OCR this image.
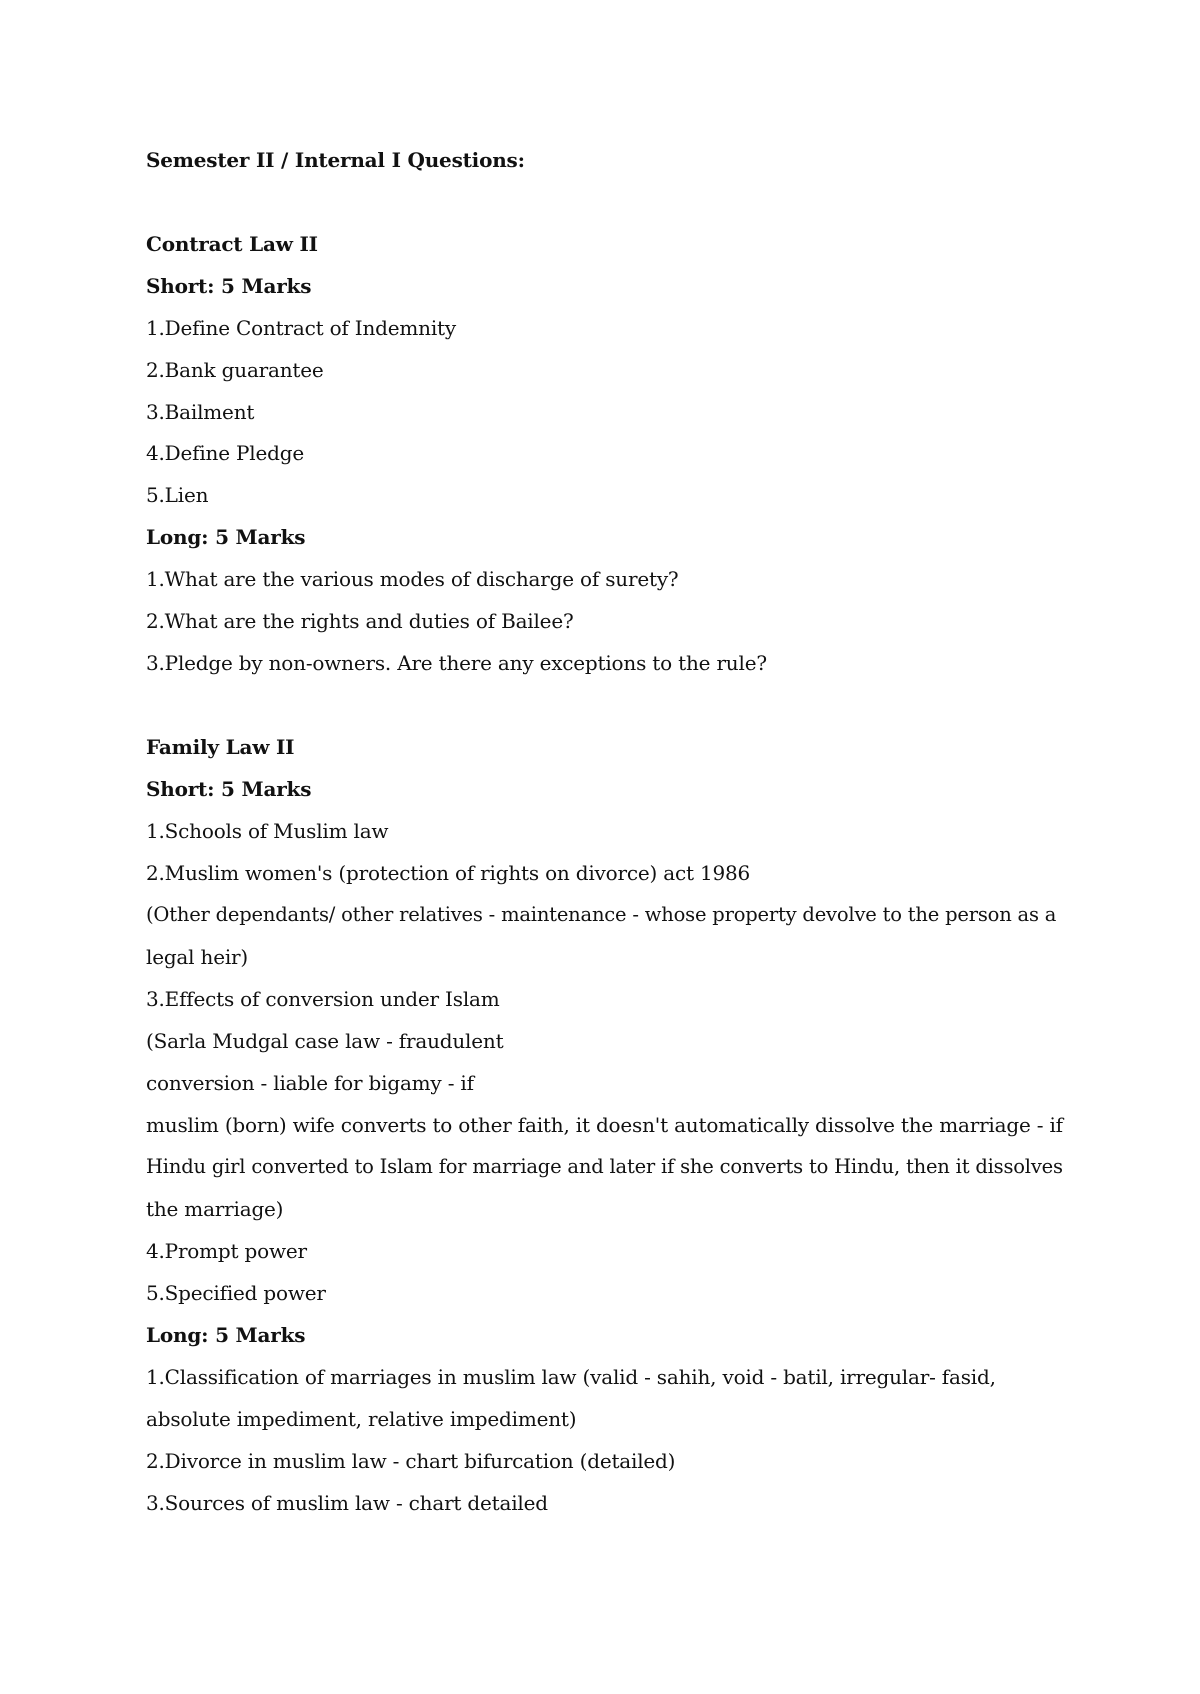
Semester II / Internal I Questions:
Contract Law II
Short: 5 Marks
1.Define Contract of Indemnity
2.Bank guarantee
3.Bailment
4.Define Pledge
5.Lien
Long: 5 Marks
1.What are the various modes of discharge of surety?
2.What are the rights and duties of Bailee?
3.Pledge by non-owners. Are there any exceptions to the rule?
Family Law II
Short: 5 Marks
1.Schools of Muslim law
2.Muslim women's (protection of rights on divorce) act 1986
(Other dependants/ other relatives - maintenance - whose property devolve to the person as a
legal heir)
3.Effects of conversion under Islam
(Sarla Mudgal case law - fraudulent
conversion - liable for bigamy - if
muslim (born) wife converts to other faith, it doesn't automatically dissolve the marriage - if
Hindu girl converted to Islam for marriage and later if she converts to Hindu, then it dissolves
the marriage)
4.Prompt power
5.Specified power
Long: 5 Marks
1.Classification of marriages in muslim law (valid - sahih, void - batil, irregular- fasid,
absolute impediment, relative impediment)
2.Divorce in muslim law - chart bifurcation (detailed)
3.Sources of muslim law - chart detailed
